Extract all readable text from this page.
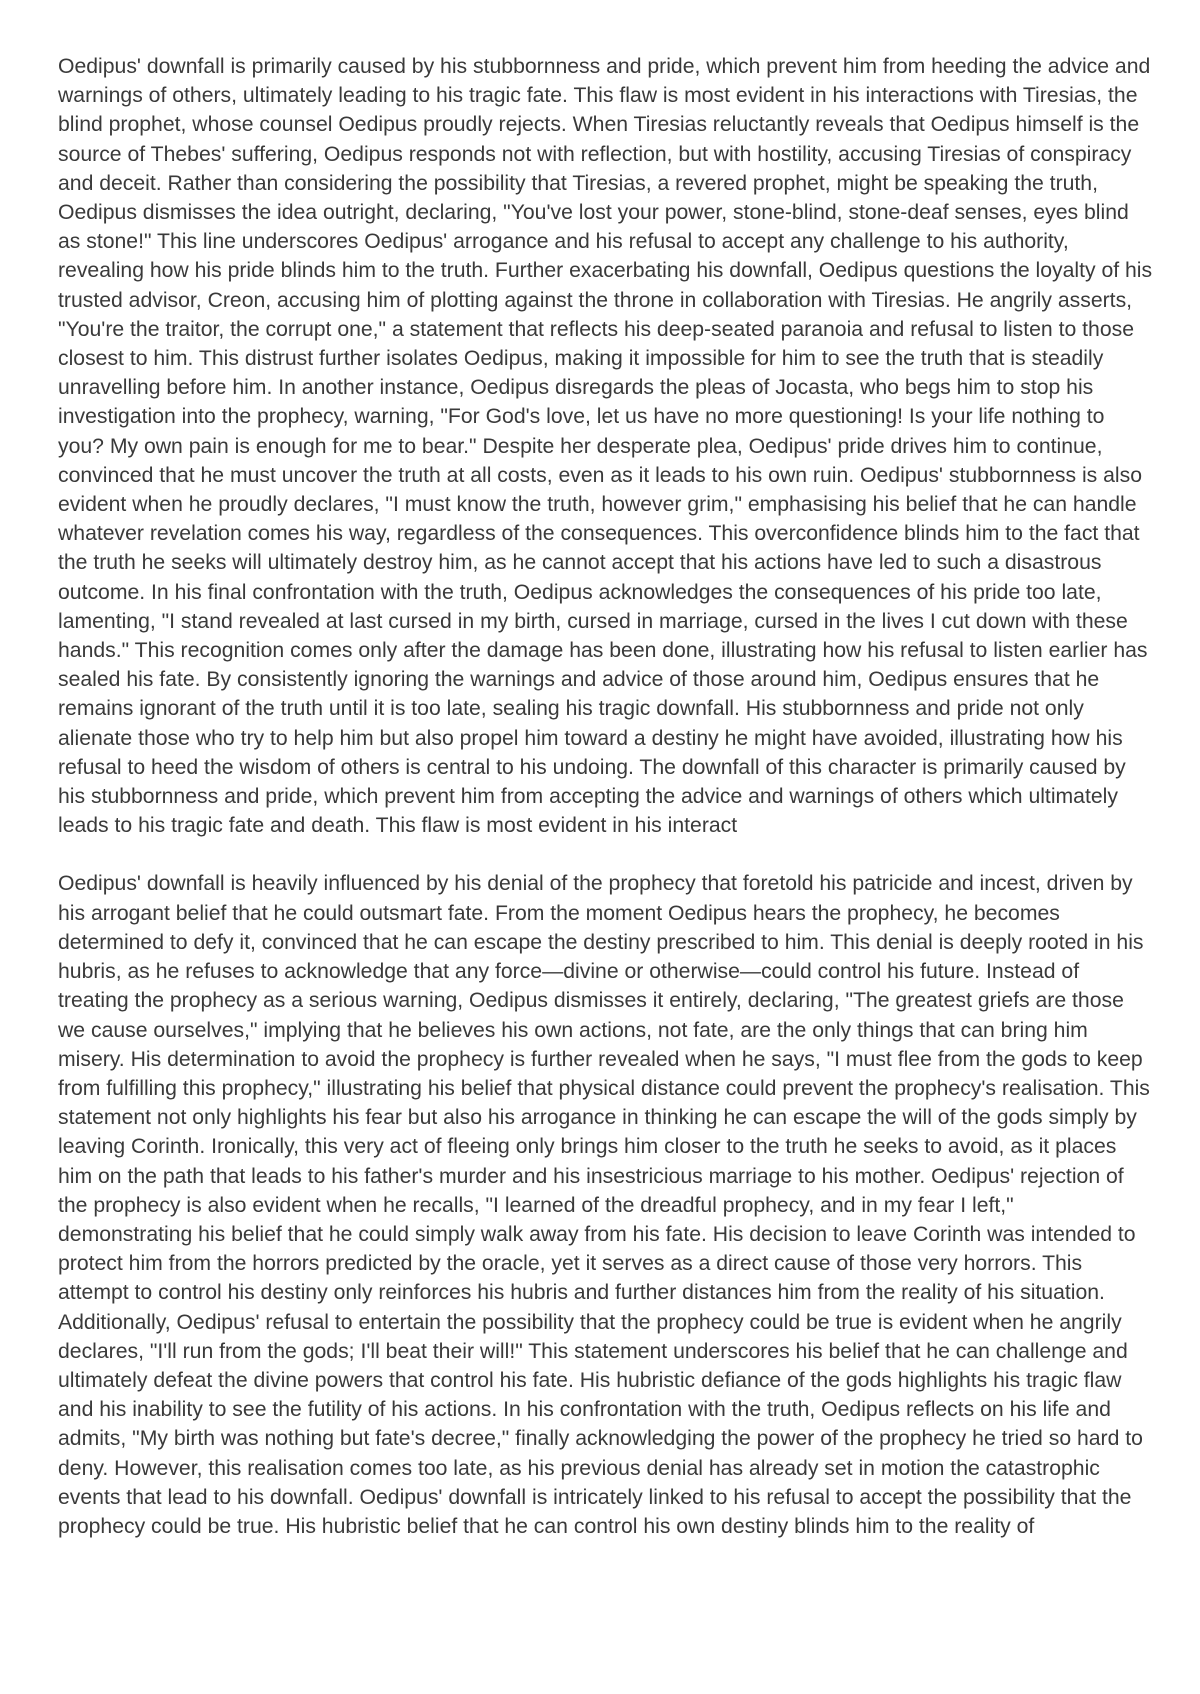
Oedipus' downfall is primarily caused by his stubbornness and pride, which prevent him from heeding the advice and warnings of others, ultimately leading to his tragic fate. This flaw is most evident in his interactions with Tiresias, the blind prophet, whose counsel Oedipus proudly rejects. When Tiresias reluctantly reveals that Oedipus himself is the source of Thebes' suffering, Oedipus responds not with reflection, but with hostility, accusing Tiresias of conspiracy and deceit. Rather than considering the possibility that Tiresias, a revered prophet, might be speaking the truth, Oedipus dismisses the idea outright, declaring, "You've lost your power, stone-blind, stone-deaf senses, eyes blind as stone!" This line underscores Oedipus' arrogance and his refusal to accept any challenge to his authority, revealing how his pride blinds him to the truth. Further exacerbating his downfall, Oedipus questions the loyalty of his trusted advisor, Creon, accusing him of plotting against the throne in collaboration with Tiresias. He angrily asserts, "You're the traitor, the corrupt one," a statement that reflects his deep-seated paranoia and refusal to listen to those closest to him. This distrust further isolates Oedipus, making it impossible for him to see the truth that is steadily unravelling before him. In another instance, Oedipus disregards the pleas of Jocasta, who begs him to stop his investigation into the prophecy, warning, "For God's love, let us have no more questioning! Is your life nothing to you? My own pain is enough for me to bear." Despite her desperate plea, Oedipus' pride drives him to continue, convinced that he must uncover the truth at all costs, even as it leads to his own ruin. Oedipus' stubbornness is also evident when he proudly declares, "I must know the truth, however grim," emphasising his belief that he can handle whatever revelation comes his way, regardless of the consequences. This overconfidence blinds him to the fact that the truth he seeks will ultimately destroy him, as he cannot accept that his actions have led to such a disastrous outcome. In his final confrontation with the truth, Oedipus acknowledges the consequences of his pride too late, lamenting, "I stand revealed at last cursed in my birth, cursed in marriage, cursed in the lives I cut down with these hands." This recognition comes only after the damage has been done, illustrating how his refusal to listen earlier has sealed his fate. By consistently ignoring the warnings and advice of those around him, Oedipus ensures that he remains ignorant of the truth until it is too late, sealing his tragic downfall. His stubbornness and pride not only alienate those who try to help him but also propel him toward a destiny he might have avoided, illustrating how his refusal to heed the wisdom of others is central to his undoing. The downfall of this character is primarily caused by his stubbornness and pride, which prevent him from accepting the advice and warnings of others which ultimately leads to his tragic fate and death. This flaw is most evident in his interact

Oedipus' downfall is heavily influenced by his denial of the prophecy that foretold his patricide and incest, driven by his arrogant belief that he could outsmart fate. From the moment Oedipus hears the prophecy, he becomes determined to defy it, convinced that he can escape the destiny prescribed to him. This denial is deeply rooted in his hubris, as he refuses to acknowledge that any force—divine or otherwise—could control his future. Instead of treating the prophecy as a serious warning, Oedipus dismisses it entirely, declaring, "The greatest griefs are those we cause ourselves," implying that he believes his own actions, not fate, are the only things that can bring him misery. His determination to avoid the prophecy is further revealed when he says, "I must flee from the gods to keep from fulfilling this prophecy," illustrating his belief that physical distance could prevent the prophecy's realisation. This statement not only highlights his fear but also his arrogance in thinking he can escape the will of the gods simply by leaving Corinth. Ironically, this very act of fleeing only brings him closer to the truth he seeks to avoid, as it places him on the path that leads to his father's murder and his insestricious marriage to his mother. Oedipus' rejection of the prophecy is also evident when he recalls, "I learned of the dreadful prophecy, and in my fear I left," demonstrating his belief that he could simply walk away from his fate. His decision to leave Corinth was intended to protect him from the horrors predicted by the oracle, yet it serves as a direct cause of those very horrors. This attempt to control his destiny only reinforces his hubris and further distances him from the reality of his situation. Additionally, Oedipus' refusal to entertain the possibility that the prophecy could be true is evident when he angrily declares, "I'll run from the gods; I'll beat their will!" This statement underscores his belief that he can challenge and ultimately defeat the divine powers that control his fate. His hubristic defiance of the gods highlights his tragic flaw and his inability to see the futility of his actions. In his confrontation with the truth, Oedipus reflects on his life and admits, "My birth was nothing but fate's decree," finally acknowledging the power of the prophecy he tried so hard to deny. However, this realisation comes too late, as his previous denial has already set in motion the catastrophic events that lead to his downfall. Oedipus' downfall is intricately linked to his refusal to accept the possibility that the prophecy could be true. His hubristic belief that he can control his own destiny blinds him to the reality of
